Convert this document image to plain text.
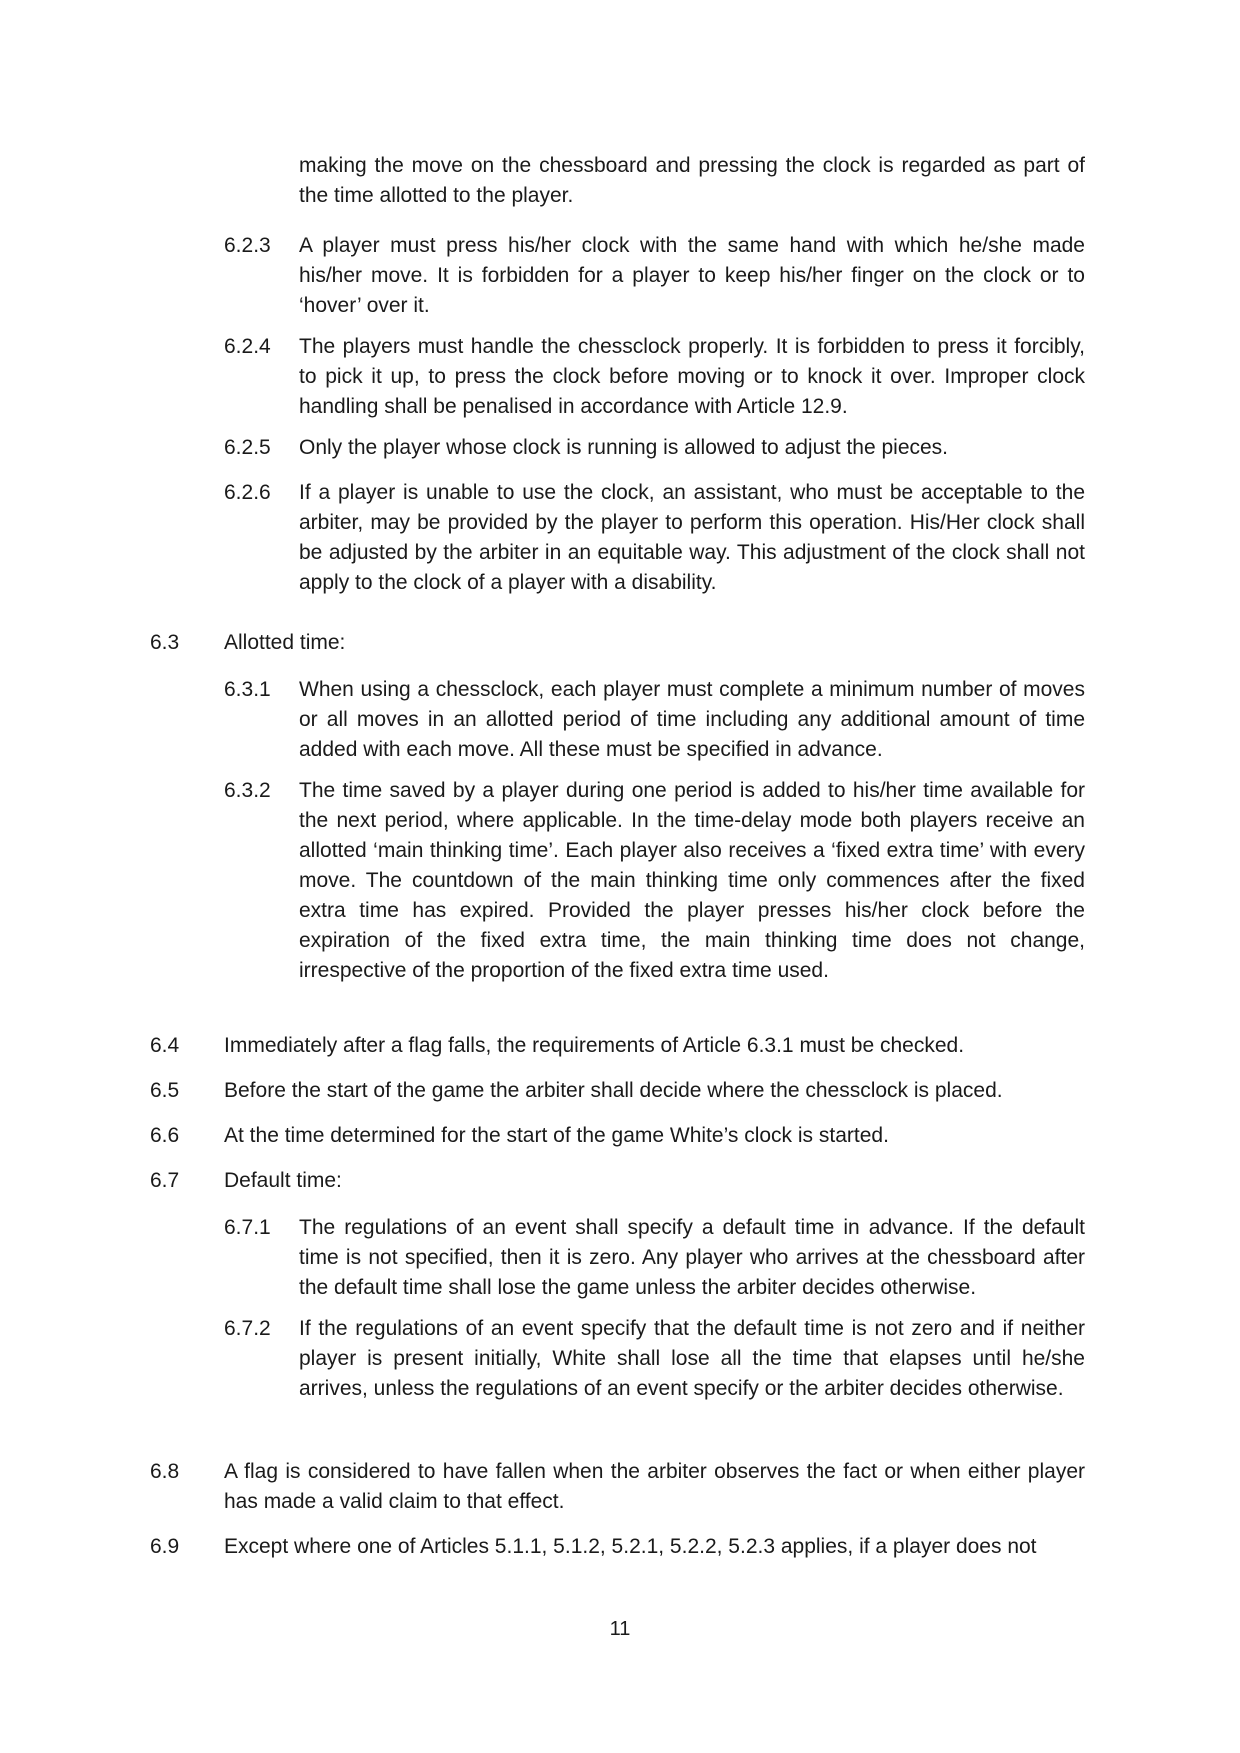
making the move on the chessboard and pressing the clock is regarded as part of the time allotted to the player.

6.2.3 A player must press his/her clock with the same hand with which he/she made his/her move. It is forbidden for a player to keep his/her finger on the clock or to ‘hover’ over it.

6.2.4 The players must handle the chessclock properly. It is forbidden to press it forcibly, to pick it up, to press the clock before moving or to knock it over. Improper clock handling shall be penalised in accordance with Article 12.9.

6.2.5 Only the player whose clock is running is allowed to adjust the pieces.

6.2.6 If a player is unable to use the clock, an assistant, who must be acceptable to the arbiter, may be provided by the player to perform this operation. His/Her clock shall be adjusted by the arbiter in an equitable way. This adjustment of the clock shall not apply to the clock of a player with a disability.

6.3 Allotted time:

6.3.1 When using a chessclock, each player must complete a minimum number of moves or all moves in an allotted period of time including any additional amount of time added with each move. All these must be specified in advance.

6.3.2 The time saved by a player during one period is added to his/her time available for the next period, where applicable. In the time-delay mode both players receive an allotted ‘main thinking time’. Each player also receives a ‘fixed extra time’ with every move. The countdown of the main thinking time only commences after the fixed extra time has expired. Provided the player presses his/her clock before the expiration of the fixed extra time, the main thinking time does not change, irrespective of the proportion of the fixed extra time used.

6.4 Immediately after a flag falls, the requirements of Article 6.3.1 must be checked.

6.5 Before the start of the game the arbiter shall decide where the chessclock is placed.

6.6 At the time determined for the start of the game White’s clock is started.

6.7 Default time:

6.7.1 The regulations of an event shall specify a default time in advance. If the default time is not specified, then it is zero. Any player who arrives at the chessboard after the default time shall lose the game unless the arbiter decides otherwise.

6.7.2 If the regulations of an event specify that the default time is not zero and if neither player is present initially, White shall lose all the time that elapses until he/she arrives, unless the regulations of an event specify or the arbiter decides otherwise.

6.8 A flag is considered to have fallen when the arbiter observes the fact or when either player has made a valid claim to that effect.

6.9 Except where one of Articles 5.1.1, 5.1.2, 5.2.1, 5.2.2, 5.2.3 applies, if a player does not

11
